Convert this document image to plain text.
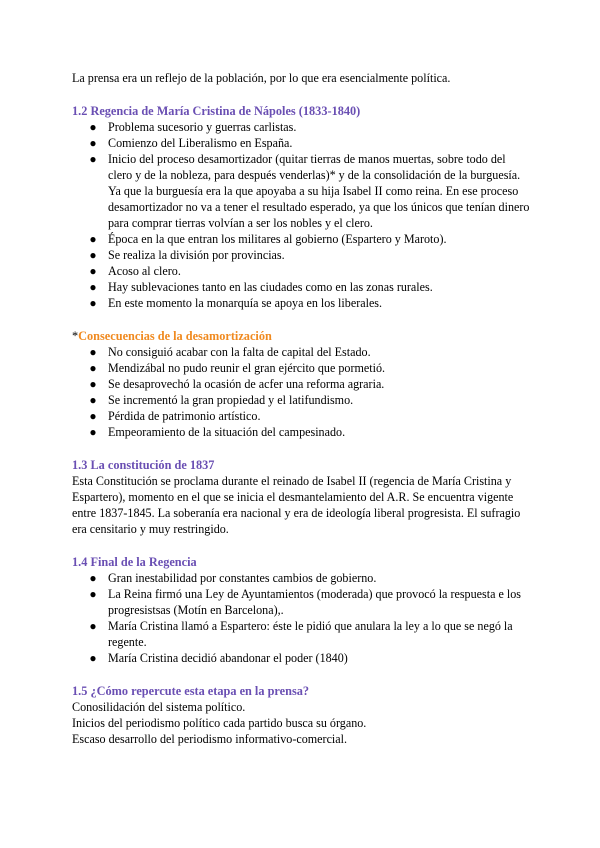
La prensa era un reflejo de la población, por lo que era esencialmente política.

1.2 Regencia de María Cristina de Nápoles (1833-1840)
● Problema sucesorio y guerras carlistas.
● Comienzo del Liberalismo en España.
● Inicio del proceso desamortizador (quitar tierras de manos muertas, sobre todo del clero y de la nobleza, para después venderlas)* y de la consolidación de la burguesía. Ya que la burguesía era la que apoyaba a su hija Isabel II como reina. En ese proceso desamortizador no va a tener el resultado esperado, ya que los únicos que tenían dinero para comprar tierras volvían a ser los nobles y el clero.
● Época en la que entran los militares al gobierno (Espartero y Maroto).
● Se realiza la división por provincias.
● Acoso al clero.
● Hay sublevaciones tanto en las ciudades como en las zonas rurales.
● En este momento la monarquía se apoya en los liberales.
*Consecuencias de la desamortización
● No consiguió acabar con la falta de capital del Estado.
● Mendizábal no pudo reunir el gran ejército que pormetió.
● Se desaprovechó la ocasión de acfer una reforma agraria.
● Se incrementó la gran propiedad y el latifundismo.
● Pérdida de patrimonio artístico.
● Empeoramiento de la situación del campesinado.
1.3 La constitución de 1837

Esta Constitución se proclama durante el reinado de Isabel II (regencia de María Cristina y Espartero), momento en el que se inicia el desmantelamiento del A.R. Se encuentra vigente entre 1837-1845. La soberanía era nacional y era de ideología liberal progresista. El sufragio era censitario y muy restringido.

1.4 Final de la Regencia
● Gran inestabilidad por constantes cambios de gobierno.
● La Reina firmó una Ley de Ayuntamientos (moderada) que provocó la respuesta e los progresistsas (Motín en Barcelona),.
● María Cristina llamó a Espartero: éste le pidió que anulara la ley a lo que se negó la regente.
● María Cristina decidió abandonar el poder (1840)
1.5 ¿Cómo repercute esta etapa en la prensa?

Conosilidación del sistema político.

Inicios del periodismo político cada partido busca su órgano.

Escaso desarrollo del periodismo informativo-comercial.
